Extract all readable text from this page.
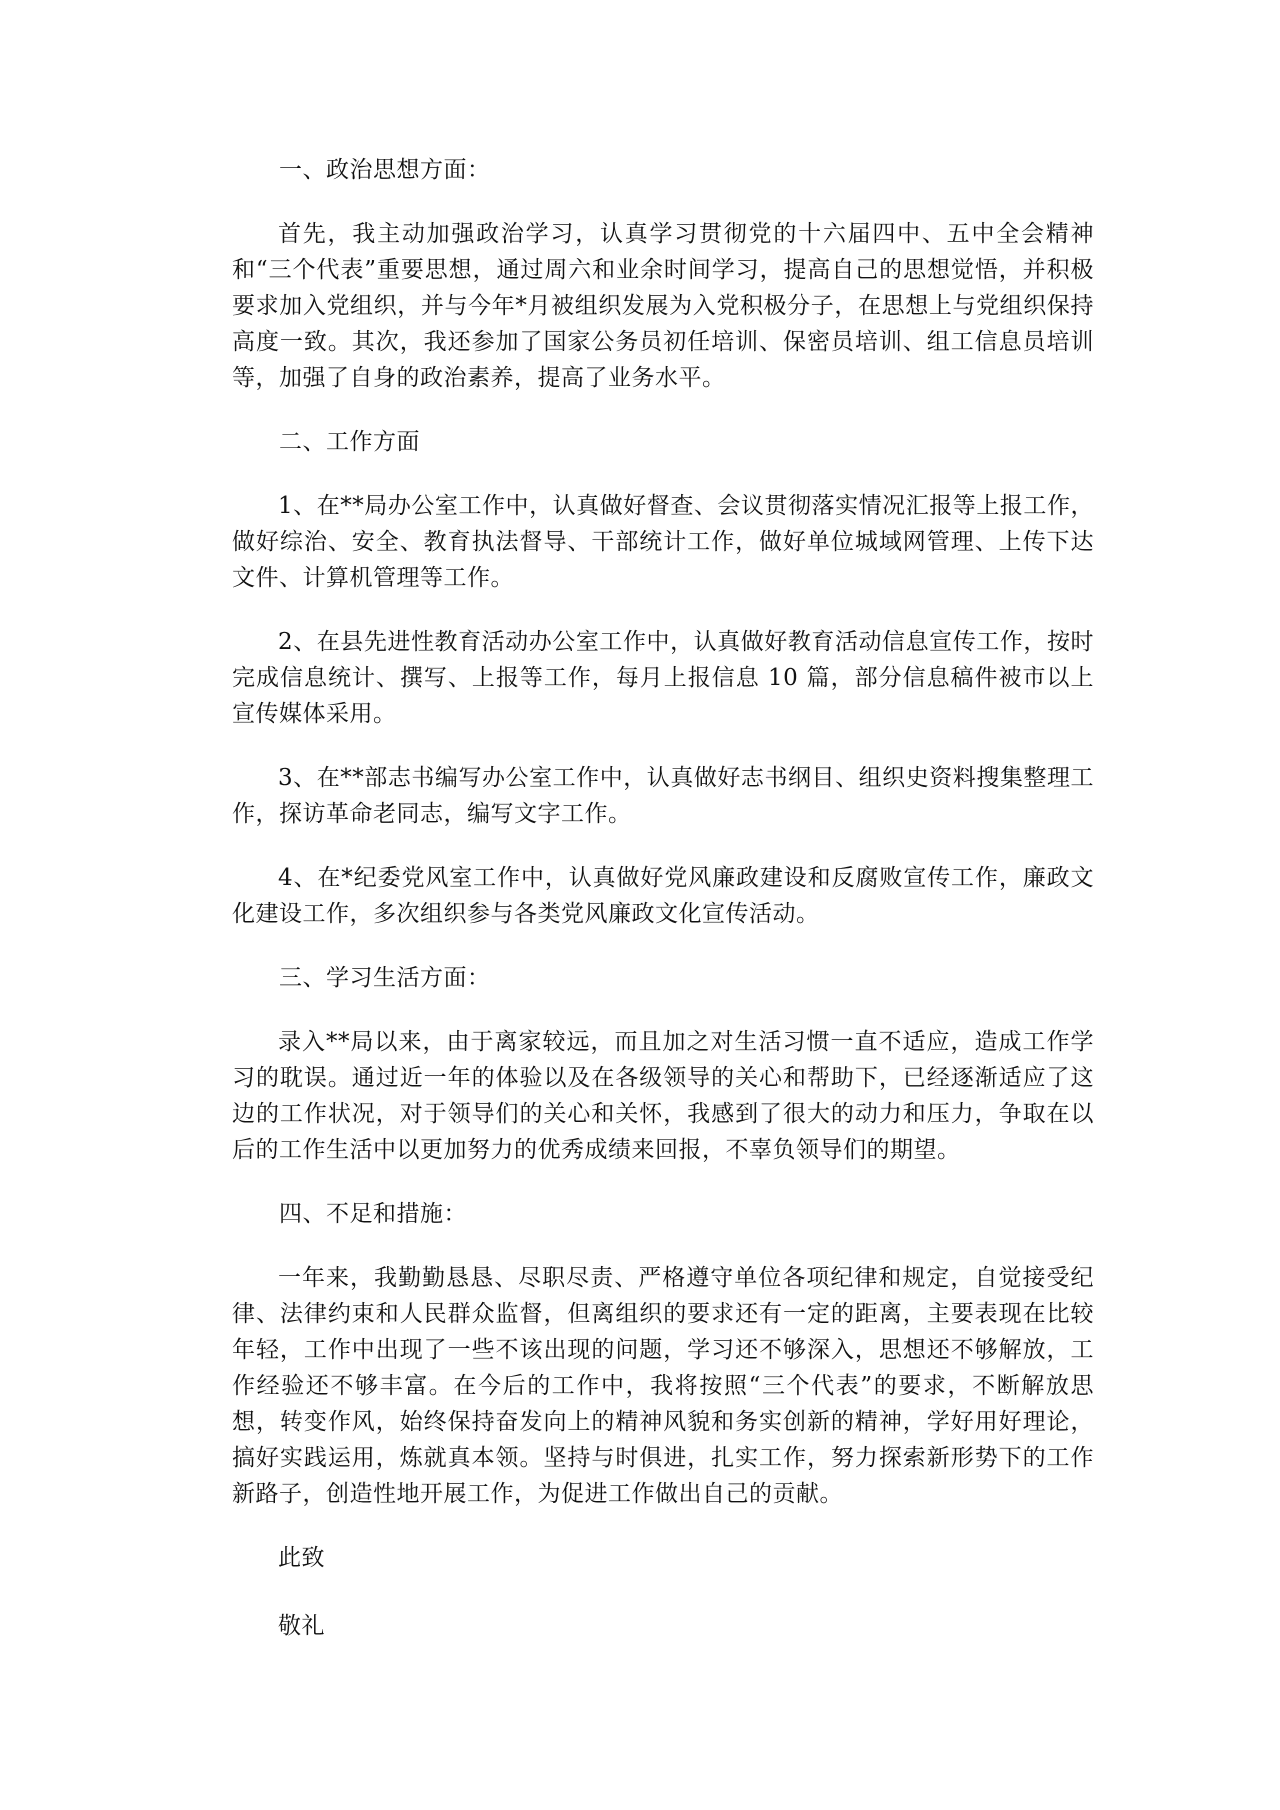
一、政治思想方面：

首先，我主动加强政治学习，认真学习贯彻党的十六届四中、五中全会精神和“三个代表”重要思想，通过周六和业余时间学习，提高自己的思想觉悟，并积极要求加入党组织，并与今年*月被组织发展为入党积极分子，在思想上与党组织保持高度一致。其次，我还参加了国家公务员初任培训、保密员培训、组工信息员培训等，加强了自身的政治素养，提高了业务水平。

二、工作方面

1、在**局办公室工作中，认真做好督查、会议贯彻落实情况汇报等上报工作，做好综治、安全、教育执法督导、干部统计工作，做好单位城域网管理、上传下达文件、计算机管理等工作。

2、在县先进性教育活动办公室工作中，认真做好教育活动信息宣传工作，按时完成信息统计、撰写、上报等工作，每月上报信息 10 篇，部分信息稿件被市以上宣传媒体采用。

3、在**部志书编写办公室工作中，认真做好志书纲目、组织史资料搜集整理工作，探访革命老同志，编写文字工作。

4、在*纪委党风室工作中，认真做好党风廉政建设和反腐败宣传工作，廉政文化建设工作，多次组织参与各类党风廉政文化宣传活动。

三、学习生活方面：

录入**局以来，由于离家较远，而且加之对生活习惯一直不适应，造成工作学习的耽误。通过近一年的体验以及在各级领导的关心和帮助下，已经逐渐适应了这边的工作状况，对于领导们的关心和关怀，我感到了很大的动力和压力，争取在以后的工作生活中以更加努力的优秀成绩来回报，不辜负领导们的期望。

四、不足和措施：

一年来，我勤勤恳恳、尽职尽责、严格遵守单位各项纪律和规定，自觉接受纪律、法律约束和人民群众监督，但离组织的要求还有一定的距离，主要表现在比较年轻，工作中出现了一些不该出现的问题，学习还不够深入，思想还不够解放，工作经验还不够丰富。在今后的工作中，我将按照“三个代表”的要求，不断解放思想，转变作风，始终保持奋发向上的精神风貌和务实创新的精神，学好用好理论，搞好实践运用，炼就真本领。坚持与时俱进，扎实工作，努力探索新形势下的工作新路子，创造性地开展工作，为促进工作做出自己的贡献。

此致

敬礼
